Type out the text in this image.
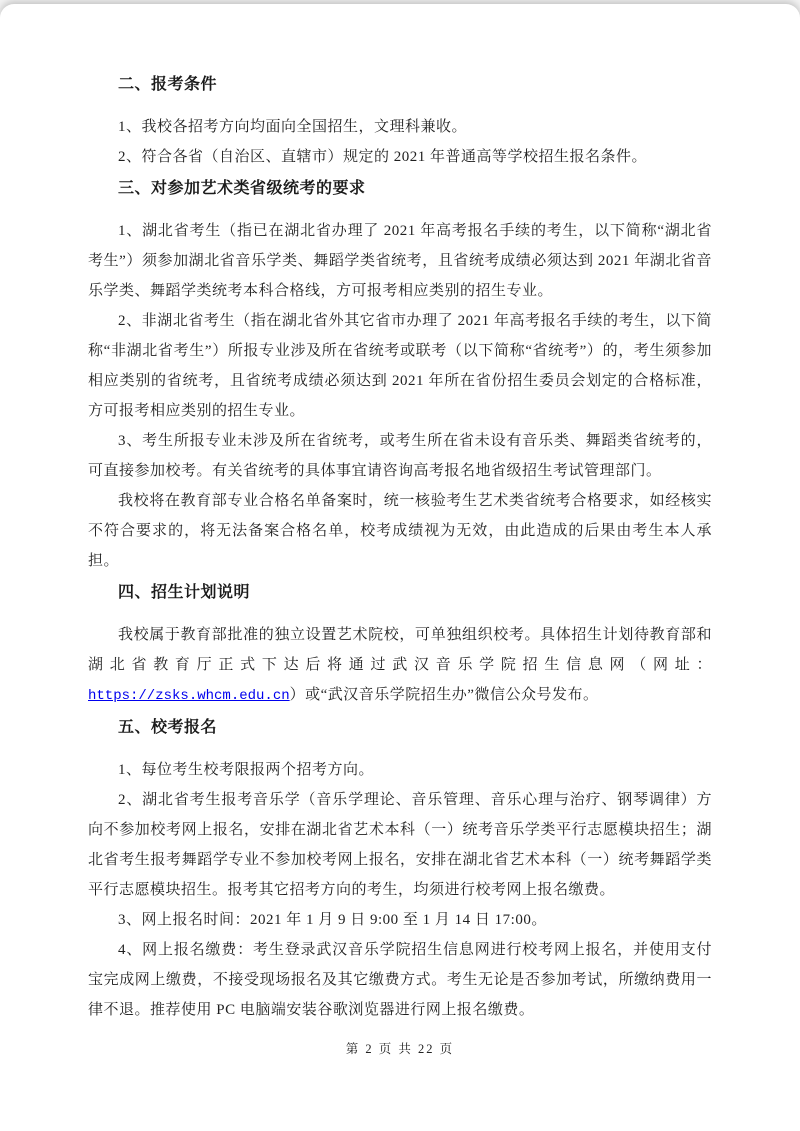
二、报考条件

1、我校各招考方向均面向全国招生，文理科兼收。

2、符合各省（自治区、直辖市）规定的 2021 年普通高等学校招生报名条件。

三、对参加艺术类省级统考的要求

1、湖北省考生（指已在湖北省办理了 2021 年高考报名手续的考生，以下简称“湖北省考生”）须参加湖北省音乐学类、舞蹈学类省统考，且省统考成绩必须达到 2021 年湖北省音乐学类、舞蹈学类统考本科合格线，方可报考相应类别的招生专业。

2、非湖北省考生（指在湖北省外其它省市办理了 2021 年高考报名手续的考生，以下简称“非湖北省考生”）所报专业涉及所在省统考或联考（以下简称“省统考”）的，考生须参加相应类别的省统考，且省统考成绩必须达到 2021 年所在省份招生委员会划定的合格标准，方可报考相应类别的招生专业。

3、考生所报专业未涉及所在省统考，或考生所在省未设有音乐类、舞蹈类省统考的，可直接参加校考。有关省统考的具体事宜请咨询高考报名地省级招生考试管理部门。

我校将在教育部专业合格名单备案时，统一核验考生艺术类省统考合格要求，如经核实不符合要求的，将无法备案合格名单，校考成绩视为无效，由此造成的后果由考生本人承担。

四、招生计划说明

我校属于教育部批准的独立设置艺术院校，可单独组织校考。具体招生计划待教育部和湖北省教育厅正式下达后将通过武汉音乐学院招生信息网（网址：https://zsks.whcm.edu.cn）或“武汉音乐学院招生办”微信公众号发布。

五、校考报名

1、每位考生校考限报两个招考方向。

2、湖北省考生报考音乐学（音乐学理论、音乐管理、音乐心理与治疗、钢琴调律）方向不参加校考网上报名，安排在湖北省艺术本科（一）统考音乐学类平行志愿模块招生；湖北省考生报考舞蹈学专业不参加校考网上报名，安排在湖北省艺术本科（一）统考舞蹈学类平行志愿模块招生。报考其它招考方向的考生，均须进行校考网上报名缴费。

3、网上报名时间：2021 年 1 月 9 日 9:00 至 1 月 14 日 17:00。

4、网上报名缴费：考生登录武汉音乐学院招生信息网进行校考网上报名，并使用支付宝完成网上缴费，不接受现场报名及其它缴费方式。考生无论是否参加考试，所缴纳费用一律不退。推荐使用 PC 电脑端安装谷歌浏览器进行网上报名缴费。

第 2 页 共 22 页
